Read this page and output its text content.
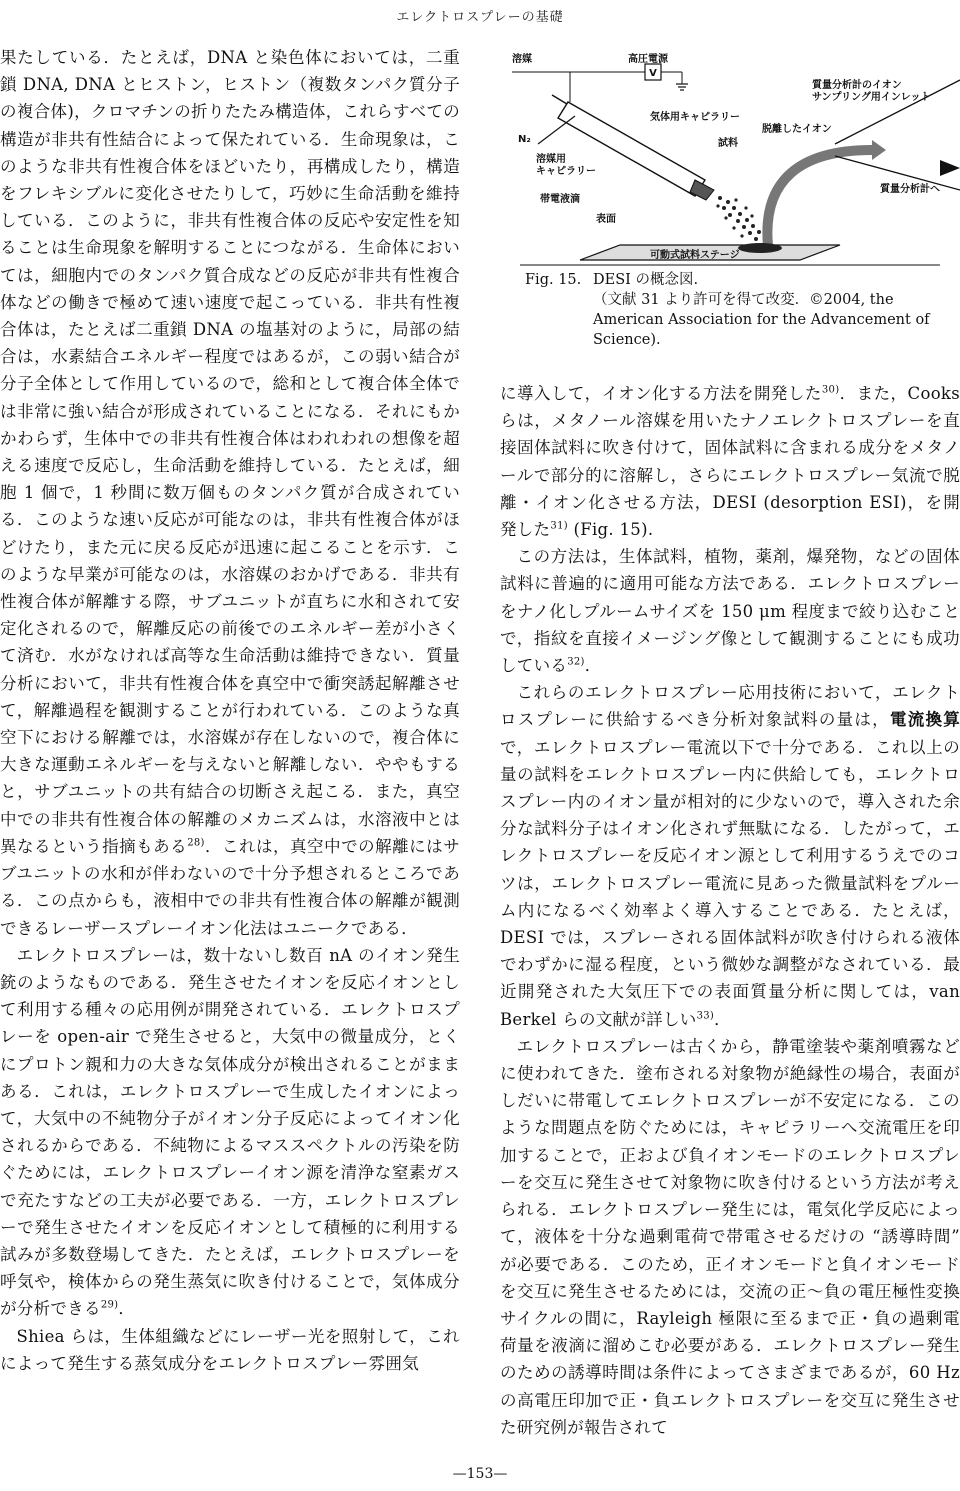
エレクトロスプレーの基礎

果たしている．たとえば，DNA と染色体においては，二重鎖 DNA, DNA とヒストン，ヒストン（複数タンパク質分子の複合体)，クロマチンの折りたたみ構造体，これらすべての構造が非共有性結合によって保たれている．生命現象は，このような非共有性複合体をほどいたり，再構成したり，構造をフレキシブルに変化させたりして，巧妙に生命活動を維持している．このように，非共有性複合体の反応や安定性を知ることは生命現象を解明することにつながる．生命体においては，細胞内でのタンパク質合成などの反応が非共有性複合体などの働きで極めて速い速度で起こっている．非共有性複合体は，たとえば二重鎖 DNA の塩基対のように，局部の結合は，水素結合エネルギー程度ではあるが，この弱い結合が分子全体として作用しているので，総和として複合体全体では非常に強い結合が形成されていることになる．それにもかかわらず，生体中での非共有性複合体はわれわれの想像を超える速度で反応し，生命活動を維持している．たとえば，細胞 1 個で，1 秒間に数万個ものタンパク質が合成されている．このような速い反応が可能なのは，非共有性複合体がほどけたり，また元に戻る反応が迅速に起こることを示す．このような早業が可能なのは，水溶媒のおかげである．非共有性複合体が解離する際，サブユニットが直ちに水和されて安定化されるので，解離反応の前後でのエネルギー差が小さくて済む．水がなければ高等な生命活動は維持できない．質量分析において，非共有性複合体を真空中で衝突誘起解離させて，解離過程を観測することが行われている．このような真空下における解離では，水溶媒が存在しないので，複合体に大きな運動エネルギーを与えないと解離しない．ややもすると，サブユニットの共有結合の切断さえ起こる．また，真空中での非共有性複合体の解離のメカニズムは，水溶液中とは異なるという指摘もある$^{28)}$．これは，真空中での解離にはサブユニットの水和が伴わないので十分予想されるところである．この点からも，液相中での非共有性複合体の解離が観測できるレーザースプレーイオン化法はユニークである．

エレクトロスプレーは，数十ないし数百 nA のイオン発生銃のようなものである．発生させたイオンを反応イオンとして利用する種々の応用例が開発されている．エレクトロスプレーを open-air で発生させると，大気中の微量成分，とくにプロトン親和力の大きな気体成分が検出されることがままある．これは，エレクトロスプレーで生成したイオンによって，大気中の不純物分子がイオン分子反応によってイオン化されるからである．不純物によるマススペクトルの汚染を防ぐためには，エレクトロスプレーイオン源を清浄な窒素ガスで充たすなどの工夫が必要である．一方，エレクトロスプレーで発生させたイオンを反応イオンとして積極的に利用する試みが多数登場してきた．たとえば，エレクトロスプレーを呼気や，検体からの発生蒸気に吹き付けることで，気体成分が分析できる$^{29)}$．

Shiea らは，生体組織などにレーザー光を照射して，これによって発生する蒸気成分をエレクトロスプレー雰囲気

V
溶媒	高圧電源
質量分析計のイオン
サンプリング用インレット
N₂
気体用キャピラリー
脱離したイオン
試料
溶媒用
キャピラリー
帯電液滴
表面
質量分析計へ
可動式試料ステージ
Fig. 15. DESI の概念図.
（文献 31 より許可を得て改変．©2004, the American Association for the Advancement of Science).

に導入して，イオン化する方法を開発した$^{30)}$．また，Cooks らは，メタノール溶媒を用いたナノエレクトロスプレーを直接固体試料に吹き付けて，固体試料に含まれる成分をメタノールで部分的に溶解し，さらにエレクトロスプレー気流で脱離・イオン化させる方法，DESI (desorption ESI)，を開発した$^{31)}$ (Fig. 15).

この方法は，生体試料，植物，薬剤，爆発物，などの固体試料に普遍的に適用可能な方法である．エレクトロスプレーをナノ化しプルームサイズを 150 μm 程度まで絞り込むことで，指紋を直接イメージング像として観測することにも成功している$^{32)}$．

これらのエレクトロスプレー応用技術において，エレクトロスプレーに供給するべき分析対象試料の量は，電流換算で，エレクトロスプレー電流以下で十分である．これ以上の量の試料をエレクトロスプレー内に供給しても，エレクトロスプレー内のイオン量が相対的に少ないので，導入された余分な試料分子はイオン化されず無駄になる．したがって，エレクトロスプレーを反応イオン源として利用するうえでのコツは，エレクトロスプレー電流に見あった微量試料をプルーム内になるべく効率よく導入することである．たとえば，DESI では，スプレーされる固体試料が吹き付けられる液体でわずかに湿る程度，という微妙な調整がなされている．最近開発された大気圧下での表面質量分析に関しては，van Berkel らの文献が詳しい$^{33)}$．

エレクトロスプレーは古くから，静電塗装や薬剤噴霧などに使われてきた．塗布される対象物が絶縁性の場合，表面がしだいに帯電してエレクトロスプレーが不安定になる．このような問題点を防ぐためには，キャピラリーへ交流電圧を印加することで，正および負イオンモードのエレクトロスプレーを交互に発生させて対象物に吹き付けるという方法が考えられる．エレクトロスプレー発生には，電気化学反応によって，液体を十分な過剰電荷で帯電させるだけの “誘導時間” が必要である．このため，正イオンモードと負イオンモードを交互に発生させるためには，交流の正〜負の電圧極性変換サイクルの間に，Rayleigh 極限に至るまで正・負の過剰電荷量を液滴に溜めこむ必要がある．エレクトロスプレー発生のための誘導時間は条件によってさまざまであるが，60 Hz の高電圧印加で正・負エレクトロスプレーを交互に発生させた研究例が報告されて

—153—
